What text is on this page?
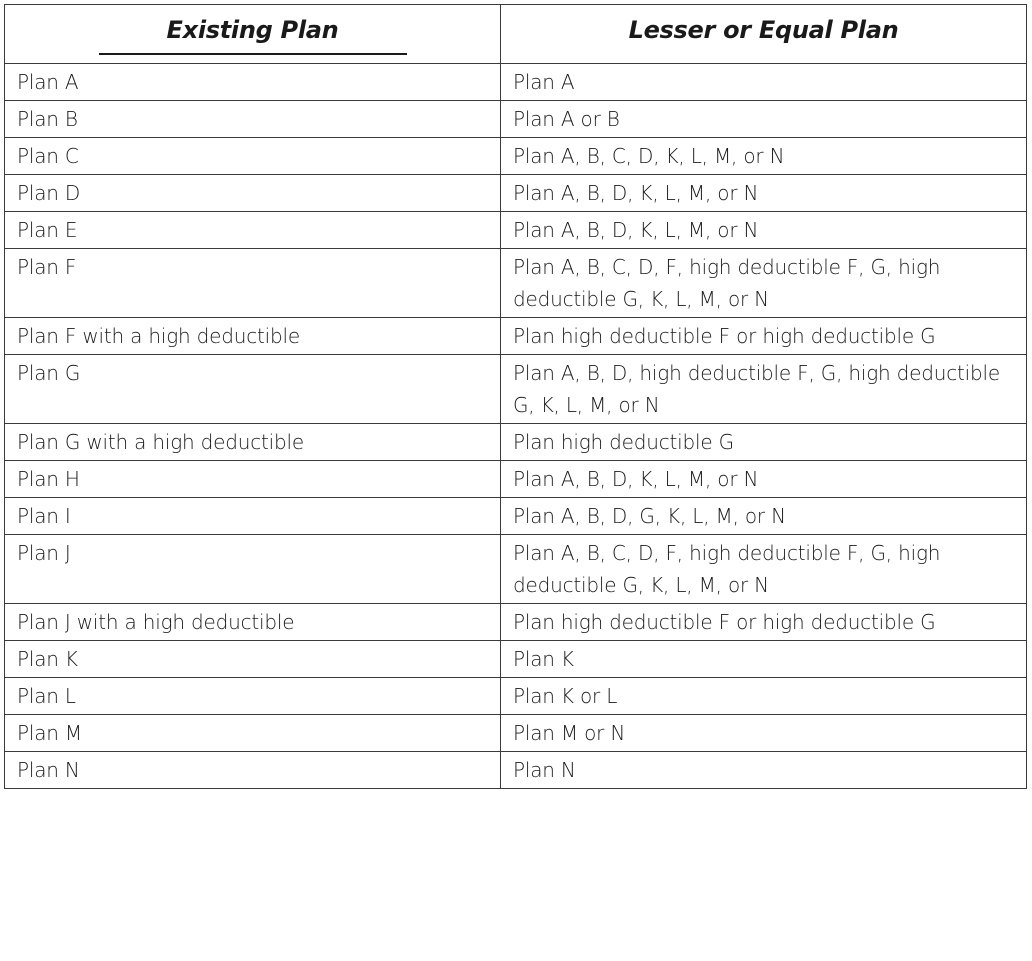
Existing Plan	Lesser or Equal Plan
Plan A	Plan A
Plan B	Plan A or B
Plan C	Plan A, B, C, D, K, L, M, or N
Plan D	Plan A, B, D, K, L, M, or N
Plan E	Plan A, B, D, K, L, M, or N
Plan F	Plan A, B, C, D, F, high deductible F, G, high deductible G, K, L, M, or N
Plan F with a high deductible	Plan high deductible F or high deductible G
Plan G	Plan A, B, D, high deductible F, G, high deductible G, K, L, M, or N
Plan G with a high deductible	Plan high deductible G
Plan H	Plan A, B, D, K, L, M, or N
Plan I	Plan A, B, D, G, K, L, M, or N
Plan J	Plan A, B, C, D, F, high deductible F, G, high deductible G, K, L, M, or N
Plan J with a high deductible	Plan high deductible F or high deductible G
Plan K	Plan K
Plan L	Plan K or L
Plan M	Plan M or N
Plan N	Plan N
